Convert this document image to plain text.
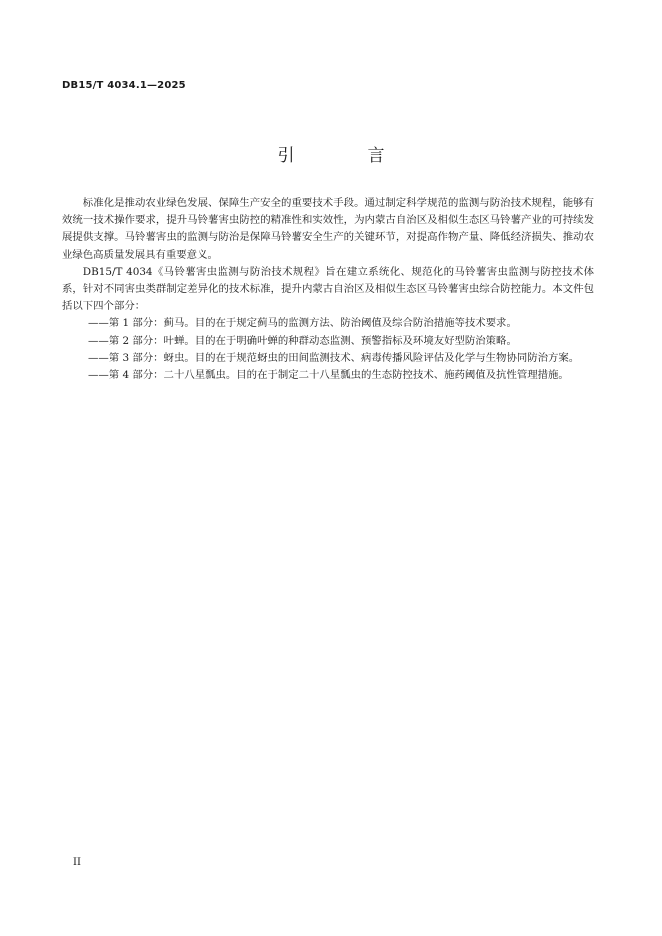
DB15/T 4034.1—2025
引　言

标准化是推动农业绿色发展、保障生产安全的重要技术手段。通过制定科学规范的监测与防治技术规程，能够有效统一技术操作要求，提升马铃薯害虫防控的精准性和实效性，为内蒙古自治区及相似生态区马铃薯产业的可持续发展提供支撑。马铃薯害虫的监测与防治是保障马铃薯安全生产的关键环节，对提高作物产量、降低经济损失、推动农业绿色高质量发展具有重要意义。

DB15/T 4034《马铃薯害虫监测与防治技术规程》旨在建立系统化、规范化的马铃薯害虫监测与防控技术体系，针对不同害虫类群制定差异化的技术标准，提升内蒙古自治区及相似生态区马铃薯害虫综合防控能力。本文件包括以下四个部分：

——第 1 部分：蓟马。目的在于规定蓟马的监测方法、防治阈值及综合防治措施等技术要求。

——第 2 部分：叶蝉。目的在于明确叶蝉的种群动态监测、预警指标及环境友好型防治策略。

——第 3 部分：蚜虫。目的在于规范蚜虫的田间监测技术、病毒传播风险评估及化学与生物协同防治方案。

——第 4 部分：二十八星瓢虫。目的在于制定二十八星瓢虫的生态防控技术、施药阈值及抗性管理措施。

II
